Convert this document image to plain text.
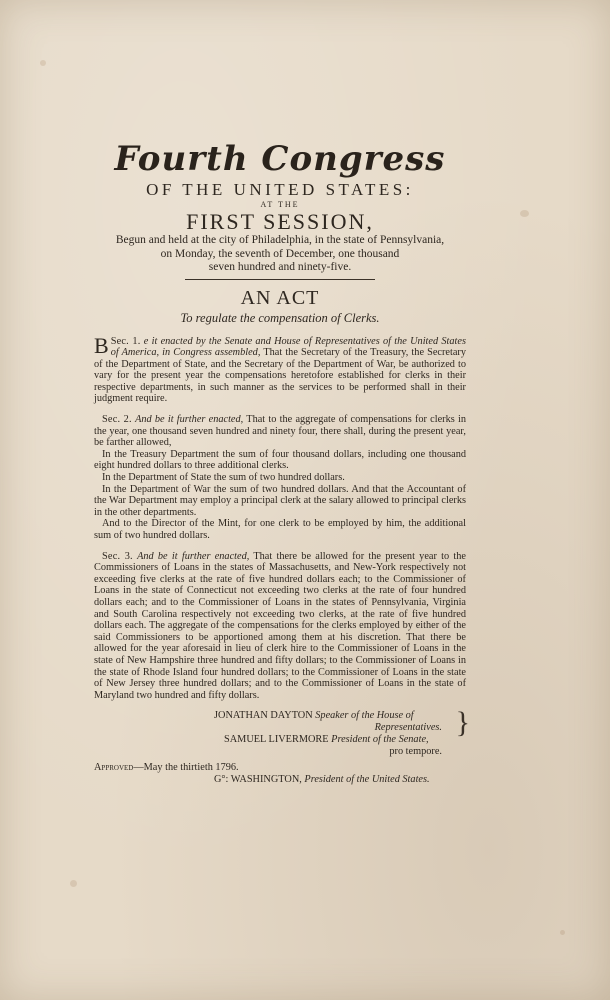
Fourth Congress
OF THE UNITED STATES:
AT THE
FIRST SESSION,
Begun and held at the city of Philadelphia, in the state of Pennsylvania,
on Monday, the seventh of December, one thousand
seven hundred and ninety-five.
AN ACT
To regulate the compensation of Clerks.

Sec. 1.
B	e it enacted by the Senate and House of Representatives of the United States of America, in Congress assembled, That the Secretary of the Treasury, the Secretary of the Department of State, and the Secretary of the Department of War, be authorized to vary for the present year the compensations heretofore established for clerks in their respective departments, in such manner as the services to be performed shall in their judgment require.

Sec. 2. And be it further enacted, That to the aggregate of compensations for clerks in the year, one thousand seven hundred and ninety four, there shall, during the present year, be farther allowed,

In the Treasury Department the sum of four thousand dollars, including one thousand eight hundred dollars to three additional clerks.

In the Department of State the sum of two hundred dollars.

In the Department of War the sum of two hundred dollars. And that the Accountant of the War Department may employ a principal clerk at the salary allowed to principal clerks in the other departments.

And to the Director of the Mint, for one clerk to be employed by him, the additional sum of two hundred dollars.

Sec. 3. And be it further enacted, That there be allowed for the present year to the Commissioners of Loans in the states of Massachusetts, and New-York respectively not exceeding five clerks at the rate of five hundred dollars each; to the Commissioner of Loans in the state of Connecticut not exceeding two clerks at the rate of four hundred dollars each; and to the Commissioner of Loans in the states of Pennsylvania, Virginia and South Carolina respectively not exceeding two clerks, at the rate of five hundred dollars each. The aggregate of the compensations for the clerks employed by either of the said Commissioners to be apportioned among them at his discretion. That there be allowed for the year aforesaid in lieu of clerk hire to the Commissioner of Loans in the state of New Hampshire three hundred and fifty dollars; to the Commissioner of Loans in the state of Rhode Island four hundred dollars; to the Commissioner of Loans in the state of New Jersey three hundred dollars; and to the Commissioner of Loans in the state of Maryland two hundred and fifty dollars.

JONATHAN DAYTON Speaker of the House of
Representatives.
SAMUEL LIVERMORE President of the Senate,
pro tempore.
}
Approved—May the thirtieth 1796.
G°: WASHINGTON, President of the United States.
